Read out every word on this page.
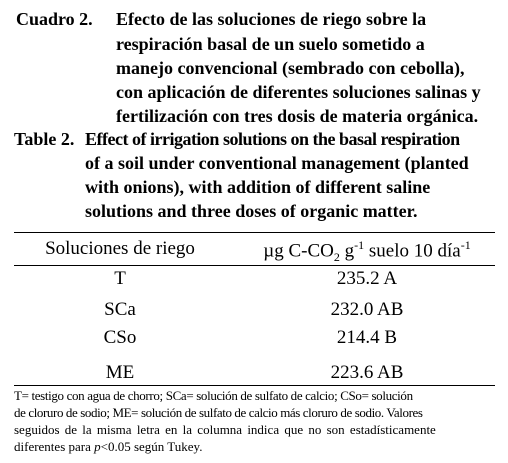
Cuadro 2. Efecto de las soluciones de riego sobre la
respiración basal de un suelo sometido a
manejo convencional (sembrado con cebolla),
con aplicación de diferentes soluciones salinas y
fertilización con tres dosis de materia orgánica.
Table 2. Effect of irrigation solutions on the basal respiration
of a soil under conventional management (planted
with onions), with addition of different saline
solutions and three doses of organic matter.
Soluciones de riego	µg $C-CO_2$ $g^{-1}$ suelo 10 día$^{-1}$
T	235.2 A
SCa	232.0 AB
CSo	214.4 B
ME	223.6 AB
T= testigo con agua de chorro; SCa= solución de sulfato de calcio; CSo= solución
de cloruro de sodio; ME= solución de sulfato de calcio más cloruro de sodio. Valores
seguidos de la misma letra en la columna indica que no son estadísticamente
diferentes para p<0.05 según Tukey.
